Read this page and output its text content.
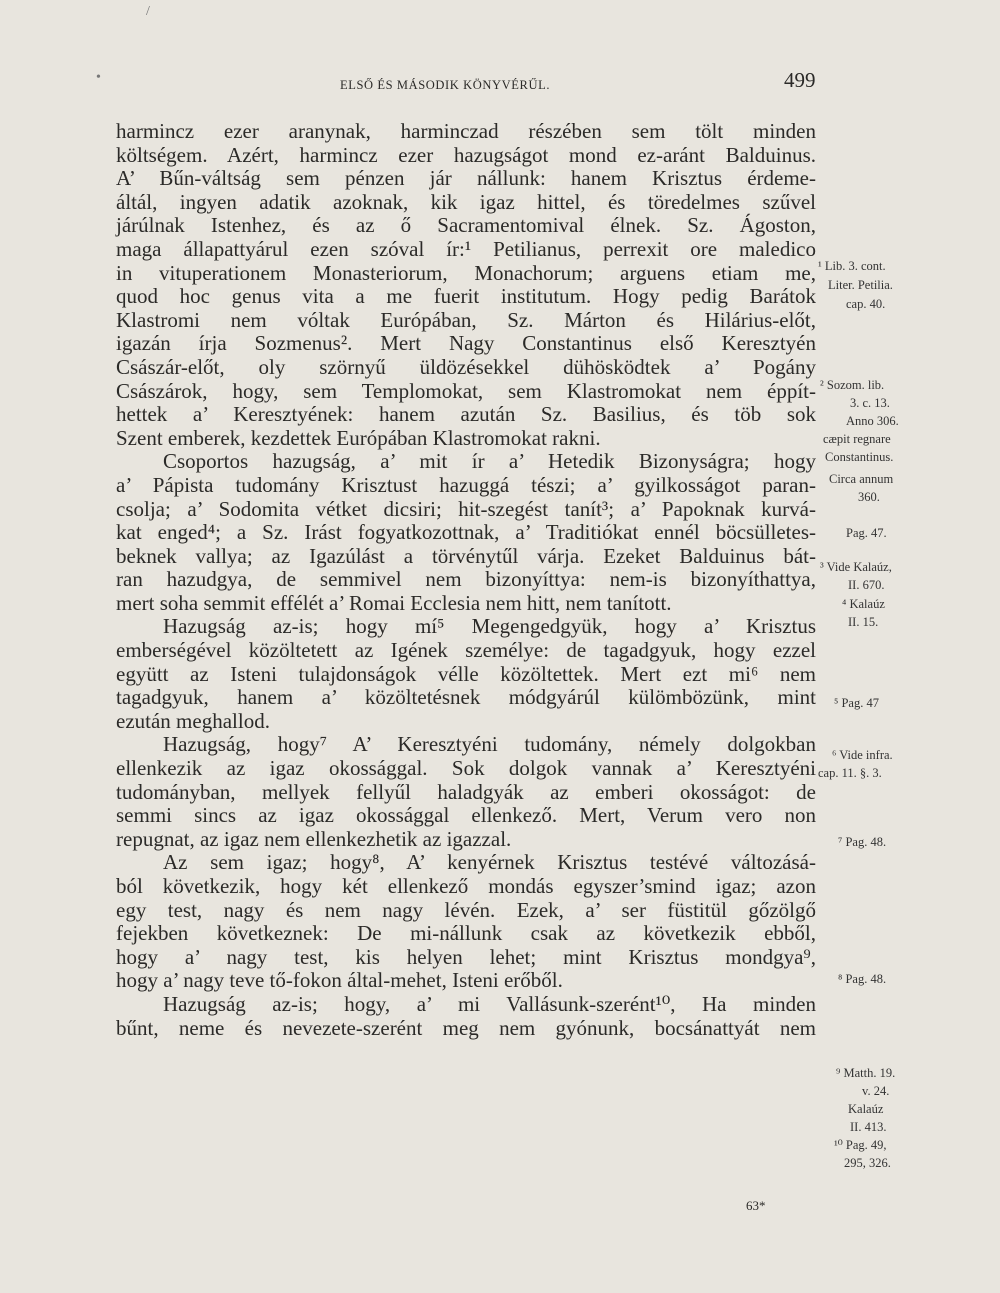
/
•	ELSŐ ÉS MÁSODIK KÖNYVÉRŰL.	499
harmincz ezer aranynak, harminczad részében sem tölt minden
költségem. Azért, harmincz ezer hazugságot mond ez-aránt Balduinus.
A’ Bűn-váltság sem pénzen jár nállunk: hanem Krisztus érdeme-
áltál, ingyen adatik azoknak, kik igaz hittel, és töredelmes szűvel
járúlnak Istenhez, és az ő Sacramentomival élnek. Sz. Ágoston,
maga állapattyárul ezen szóval ír:¹ Petilianus, perrexit ore maledico
in vituperationem Monasteriorum, Monachorum; arguens etiam me,
quod hoc genus vita a me fuerit institutum. Hogy pedig Barátok
Klastromi nem vóltak Európában, Sz. Márton és Hilárius-előt,
igazán írja Sozmenus². Mert Nagy Constantinus első Keresztyén
Császár-előt, oly szörnyű üldözésekkel dühösködtek a’ Pogány
Császárok, hogy, sem Templomokat, sem Klastromokat nem éppít-
hettek a’ Keresztyének: hanem azután Sz. Basilius, és töb sok
Szent emberek, kezdettek Európában Klastromokat rakni.
Csoportos hazugság, a’ mit ír a’ Hetedik Bizonyságra; hogy
a’ Pápista tudomány Krisztust hazuggá tészi; a’ gyilkosságot paran-
csolja; a’ Sodomita vétket dicsiri; hit-szegést tanít³; a’ Papoknak kurvá-
kat enged⁴; a Sz. Irást fogyatkozottnak, a’ Traditiókat ennél böcsülletes-
beknek vallya; az Igazúlást a törvénytűl várja. Ezeket Balduinus bát-
ran hazudgya, de semmivel nem bizonyíttya: nem-is bizonyíthattya,
mert soha semmit effélét a’ Romai Ecclesia nem hitt, nem tanított.
Hazugság az-is; hogy mí⁵ Megengedgyük, hogy a’ Krisztus
emberségével közöltetett az Igének személye: de tagadgyuk, hogy ezzel
együtt az Isteni tulajdonságok vélle közöltettek. Mert ezt mi⁶ nem
tagadgyuk, hanem a’ közöltetésnek módgyárúl külömbözünk, mint
ezután meghallod.
Hazugság, hogy⁷ A’ Keresztyéni tudomány, némely dolgokban
ellenkezik az igaz okossággal. Sok dolgok vannak a’ Keresztyéni
tudományban, mellyek fellyűl haladgyák az emberi okosságot: de
semmi sincs az igaz okossággal ellenkező. Mert, Verum vero non
repugnat, az igaz nem ellenkezhetik az igazzal.
Az sem igaz; hogy⁸, A’ kenyérnek Krisztus testévé változásá-
ból következik, hogy két ellenkező mondás egyszer’smind igaz; azon
egy test, nagy és nem nagy lévén. Ezek, a’ ser füstitül gőzölgő
fejekben következnek: De mi-nállunk csak az következik ebből,
hogy a’ nagy test, kis helyen lehet; mint Krisztus mondgya⁹,
hogy a’ nagy teve tő-fokon által-mehet, Isteni erőből.
Hazugság az-is; hogy, a’ mi Vallásunk-szerént¹⁰, Ha minden
bűnt, neme és nevezete-szerént meg nem gyónunk, bocsánattyát nem
¹ Lib. 3. cont.
Liter. Petilia.
cap. 40.
² Sozom. lib.
3. c. 13.
Anno 306.
cæpit regnare
Constantinus.
Circa annum
360.
Pag. 47.
³ Vide Kalaúz,
II. 670.
⁴ Kalaúz
II. 15.
⁵ Pag. 47
⁶ Vide infra.
cap. 11. §. 3.
⁷ Pag. 48.
⁸ Pag. 48.
⁹ Matth. 19.
v. 24.
Kalaúz
II. 413.
¹⁰ Pag. 49,
295, 326.
63*
